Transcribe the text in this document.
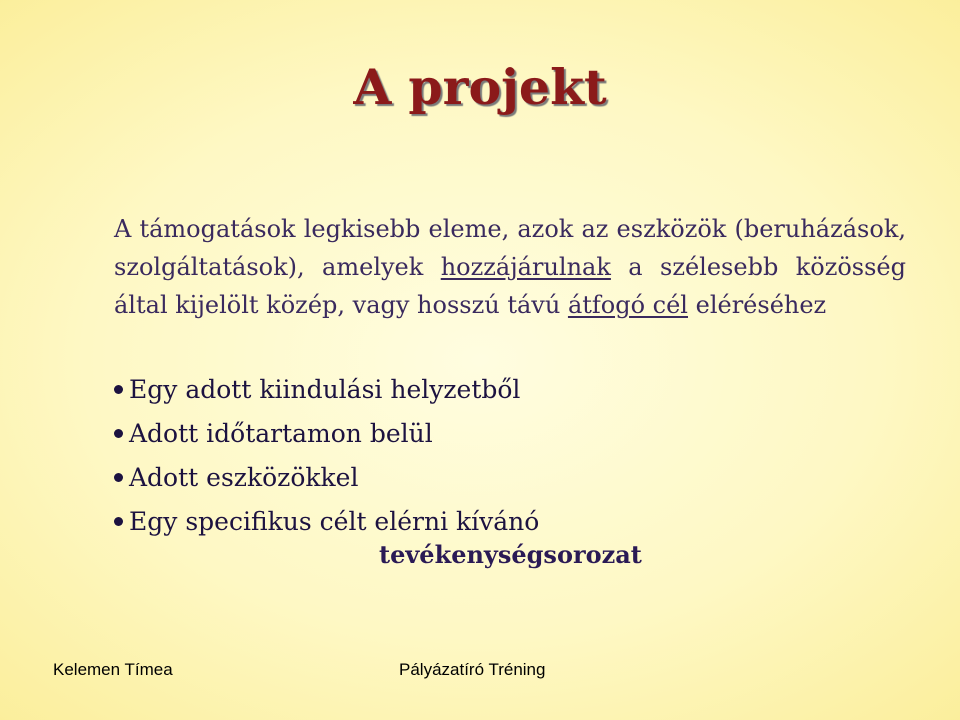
A projekt
A támogatások legkisebb eleme, azok az eszközök (beruházások, szolgáltatások), amelyek hozzájárulnak a szélesebb közösség által kijelölt közép, vagy hosszú távú átfogó cél eléréséhez
Egy adott kiindulási helyzetből
Adott időtartamon belül
Adott eszközökkel
Egy specifikus célt elérni kívánó
tevékenységsorozat
Kelemen Tímea	Pályázatíró Tréning
